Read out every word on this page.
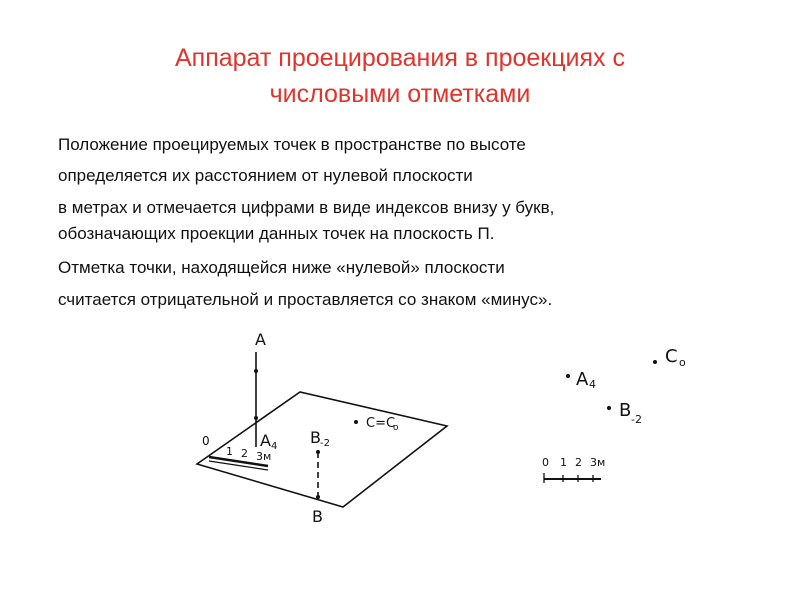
Аппарат проецирования в проекциях с
числовыми отметками
Положение проецируемых точек в пространстве по высоте
определяется их расстоянием от нулевой плоскости
в метрах и отмечается цифрами в виде индексов внизу у букв,
обозначающих проекции данных точек на плоскость П.
Отметка точки, находящейся ниже «нулевой» плоскости
считается отрицательной и проставляется со знаком «минус».
A
A 4 B -2
B
C=C
o
0
1 2 3м
A 4
C o
B -2
0 1 2 3м
